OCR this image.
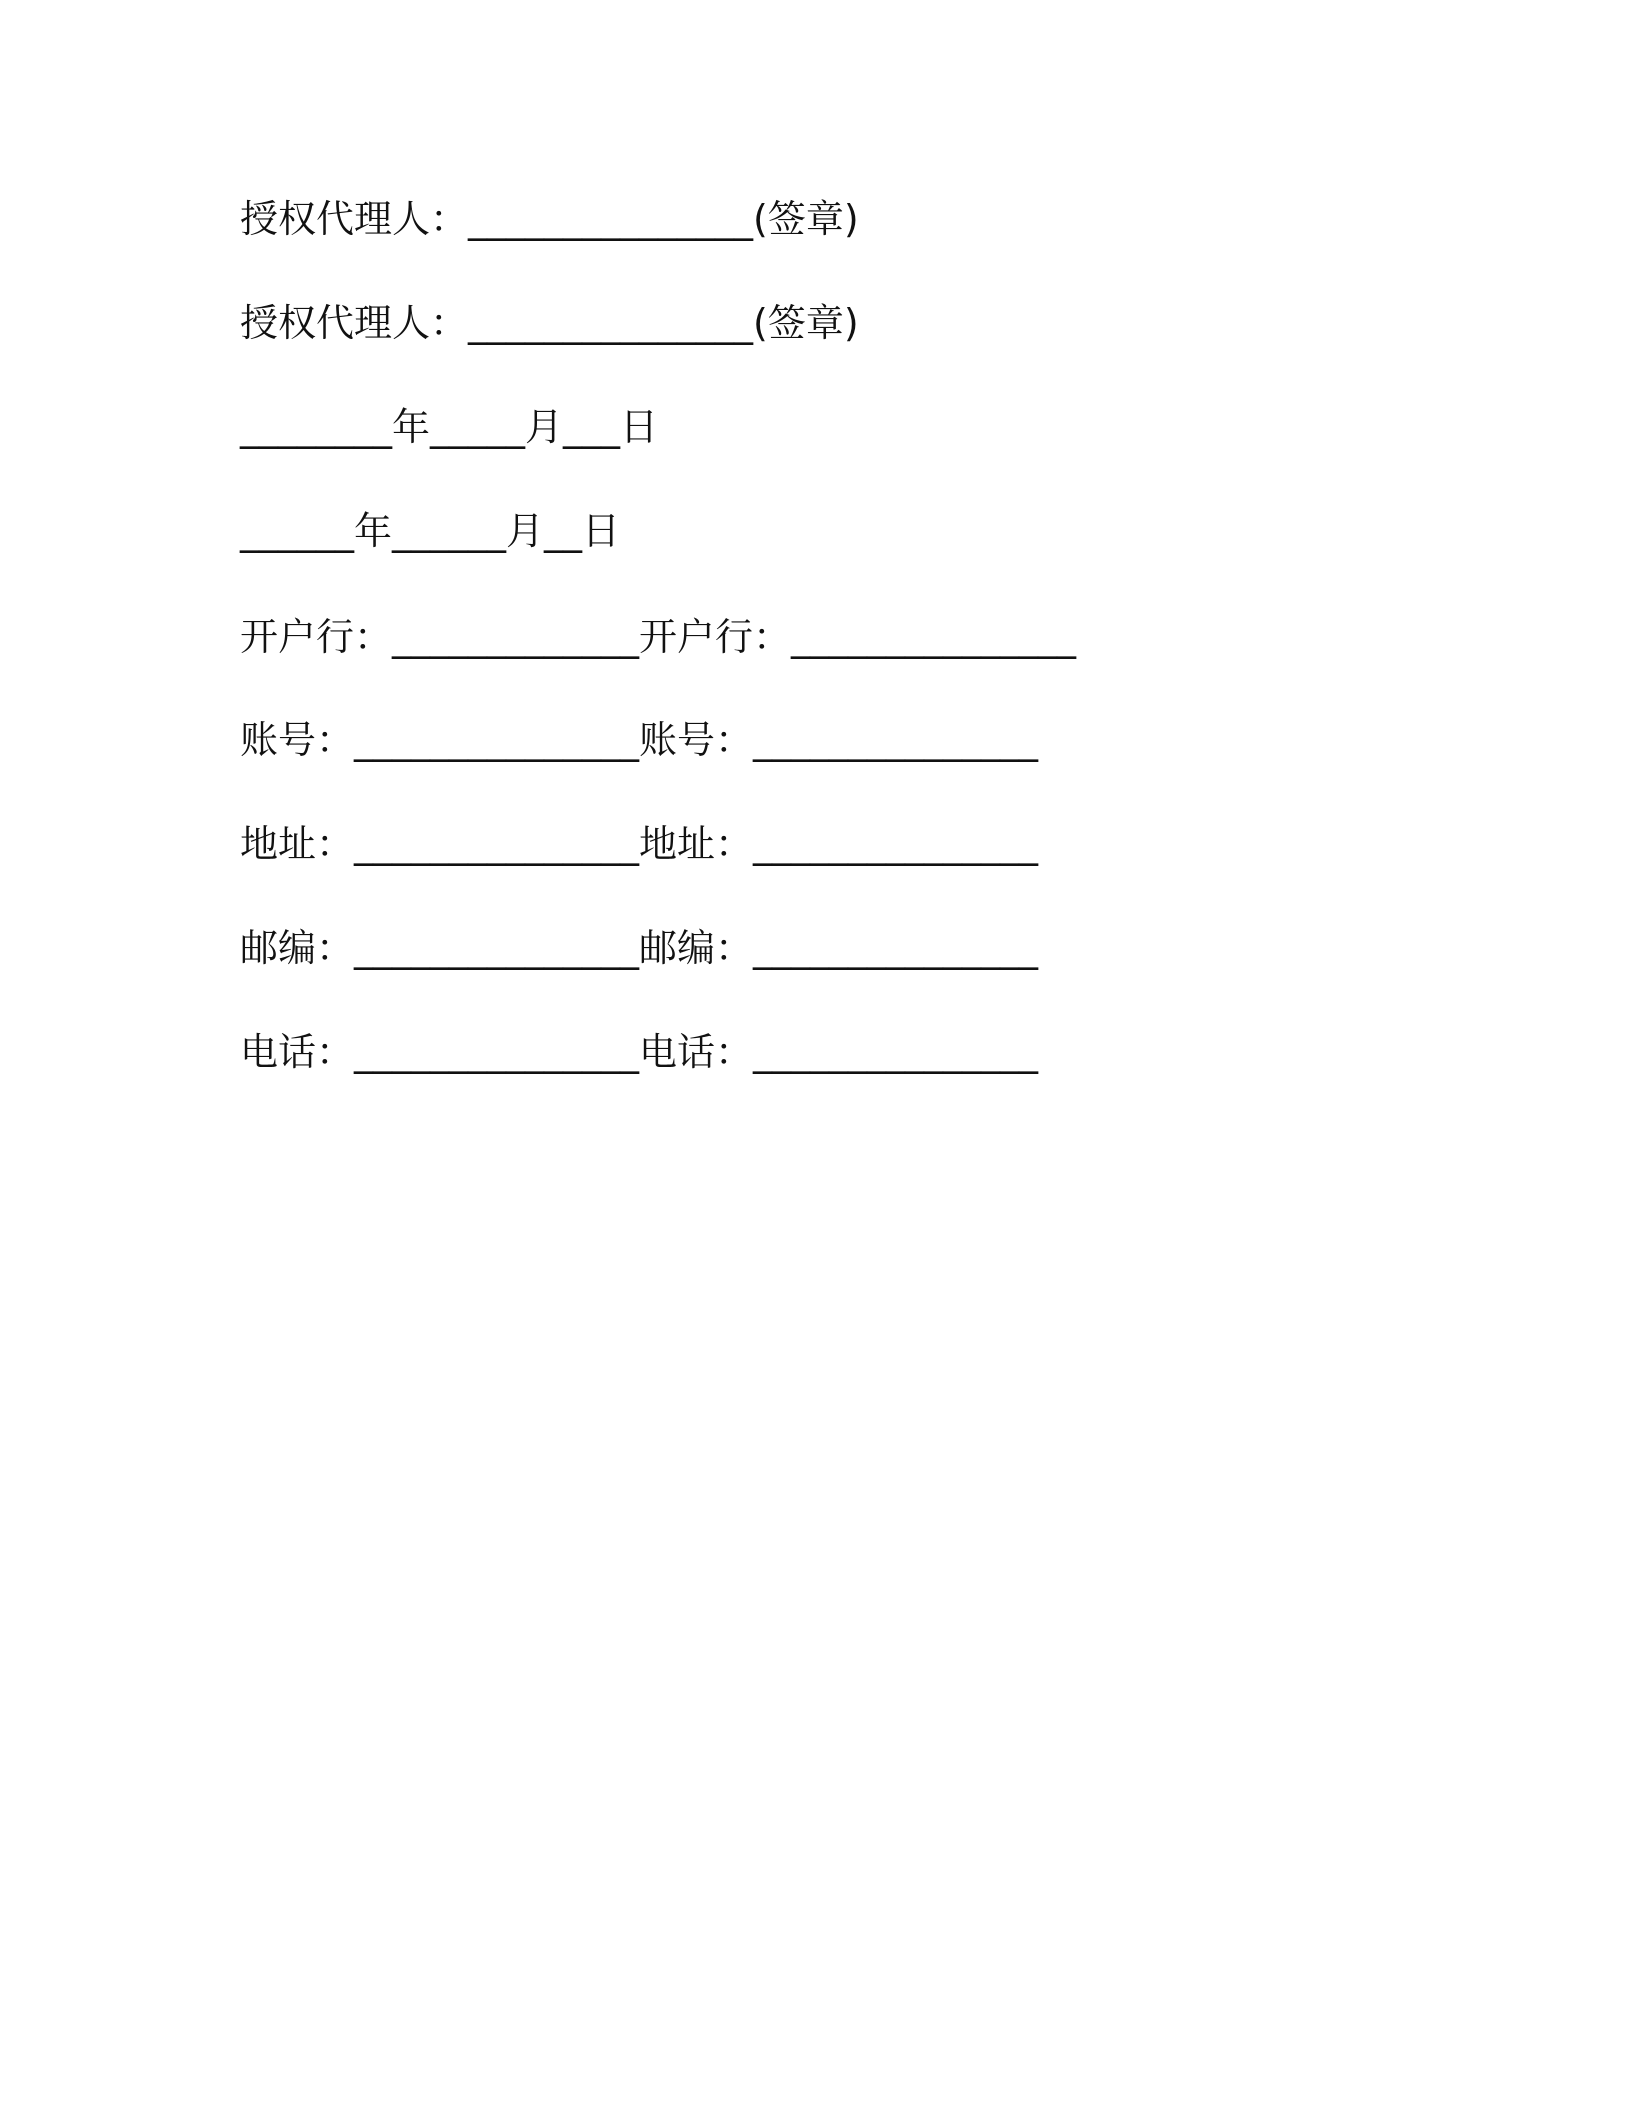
授权代理人：_______________(签章)
授权代理人：_______________(签章)
________年_____月___日
______年______月__日
开户行：_____________开户行：_______________
账号：_______________账号：_______________
地址：_______________地址：_______________
邮编：_______________邮编：_______________
电话：_______________电话：_______________
